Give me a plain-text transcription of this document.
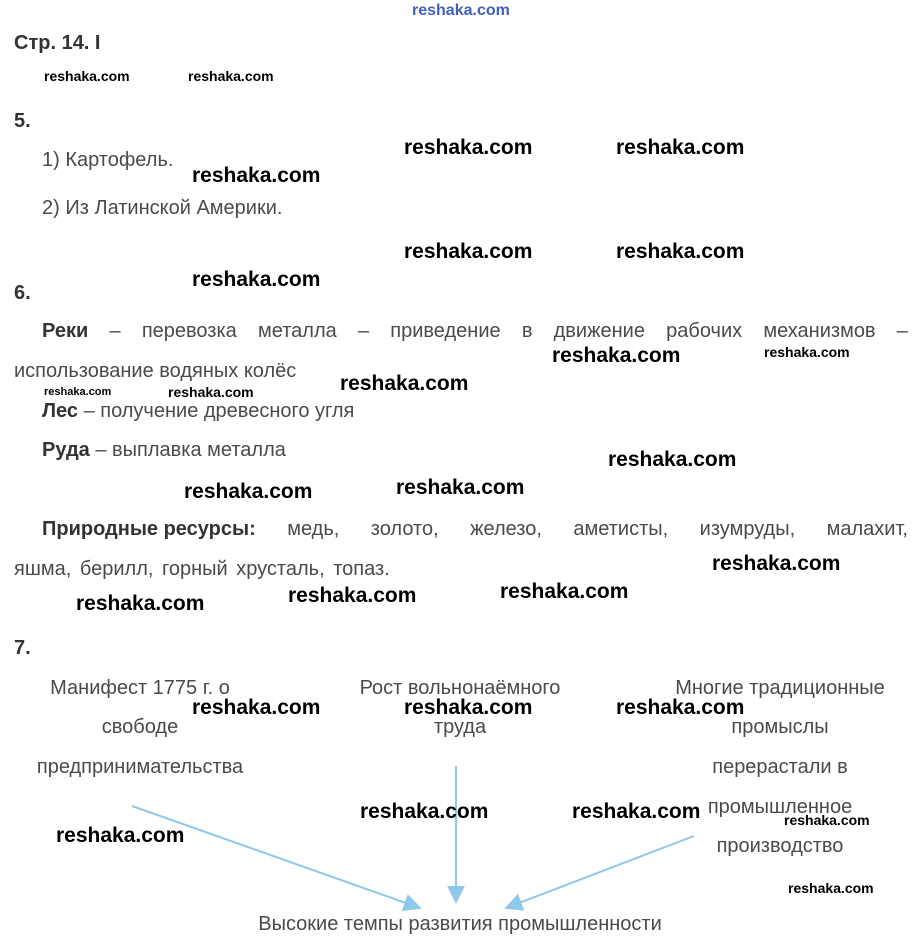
reshaka.com
Стр. 14. I
5.
1) Картофель.
2) Из Латинской Америки.
6.
Реки – перевозка металла – приведение в движение рабочих механизмов –
использование водяных колёс
Лес – получение древесного угля
Руда – выплавка металла
Природные ресурсы: медь, золото, железо, аметисты, изумруды, малахит,
яшма, берилл, горный хрусталь, топаз.
7.
Манифест 1775 г. о
свободе
предпринимательства
Рост вольнонаёмного
труда
Многие традиционные
промыслы
перерастали в
промышленное
производство
Высокие темпы развития промышленности
reshaka.com	reshaka.com
reshaka.com	reshaka.com
reshaka.com
reshaka.com	reshaka.com
reshaka.com
reshaka.com	reshaka.com
reshaka.com
reshaka.com	reshaka.com
reshaka.com
reshaka.com
reshaka.com
reshaka.com
reshaka.com
reshaka.com
reshaka.com
reshaka.com	reshaka.com	reshaka.com
reshaka.com	reshaka.com	reshaka.com
reshaka.com
reshaka.com
